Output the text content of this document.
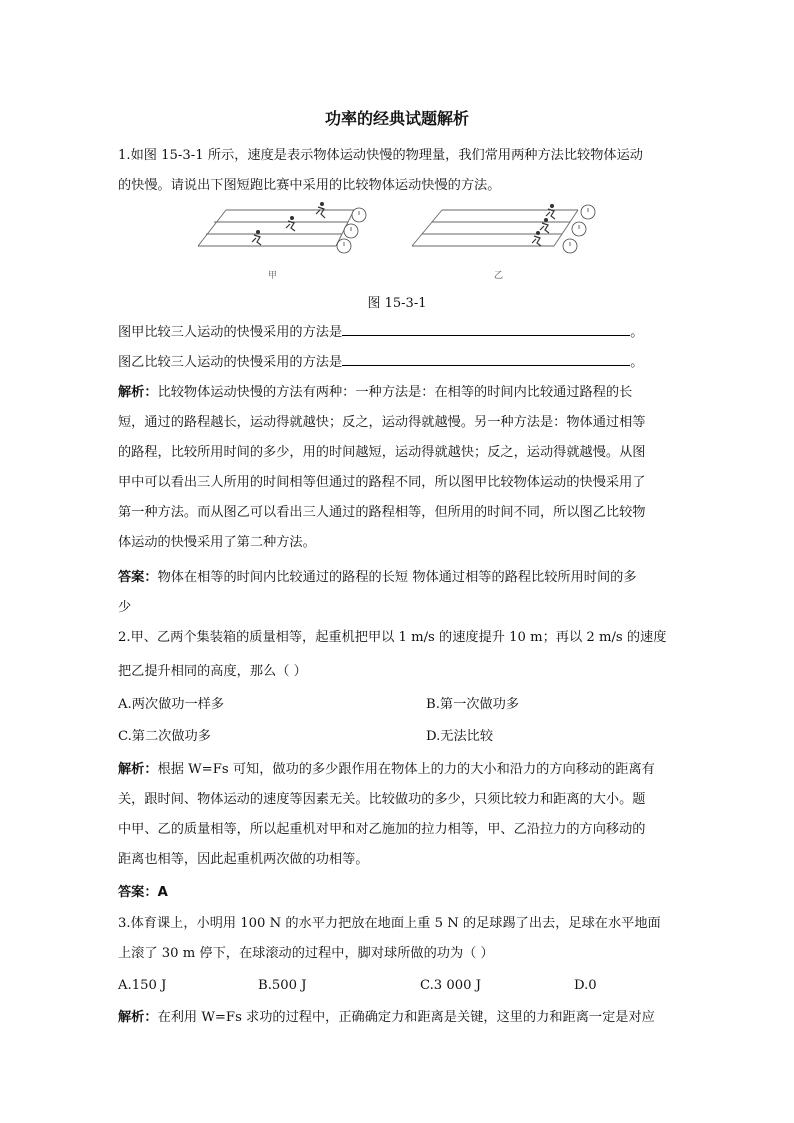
功率的经典试题解析
1.如图 15-3-1 所示，速度是表示物体运动快慢的物理量，我们常用两种方法比较物体运动
的快慢。请说出下图短跑比赛中采用的比较物体运动快慢的方法。
甲	乙
图 15-3-1
图甲比较三人运动的快慢采用的方法是	。
图乙比较三人运动的快慢采用的方法是	。
解析：比较物体运动快慢的方法有两种：一种方法是：在相等的时间内比较通过路程的长
短，通过的路程越长，运动得就越快；反之，运动得就越慢。另一种方法是：物体通过相等
的路程，比较所用时间的多少，用的时间越短，运动得就越快；反之，运动得就越慢。从图
甲中可以看出三人所用的时间相等但通过的路程不同，所以图甲比较物体运动的快慢采用了
第一种方法。而从图乙可以看出三人通过的路程相等，但所用的时间不同，所以图乙比较物
体运动的快慢采用了第二种方法。
答案：物体在相等的时间内比较通过的路程的长短 物体通过相等的路程比较所用时间的多
少
2.甲、乙两个集装箱的质量相等，起重机把甲以 1 m/s 的速度提升 10 m；再以 2 m/s 的速度
把乙提升相同的高度，那么（ ）
A.两次做功一样多	B.第一次做功多
C.第二次做功多	D.无法比较
解析：根据 W=Fs 可知，做功的多少跟作用在物体上的力的大小和沿力的方向移动的距离有
关，跟时间、物体运动的速度等因素无关。比较做功的多少，只须比较力和距离的大小。题
中甲、乙的质量相等，所以起重机对甲和对乙施加的拉力相等，甲、乙沿拉力的方向移动的
距离也相等，因此起重机两次做的功相等。
答案：A
3.体育课上，小明用 100 N 的水平力把放在地面上重 5 N 的足球踢了出去，足球在水平地面
上滚了 30 m 停下，在球滚动的过程中，脚对球所做的功为（ ）
A.150 J	B.500 J	C.3 000 J	D.0
解析：在利用 W=Fs 求功的过程中，正确确定力和距离是关键，这里的力和距离一定是对应
